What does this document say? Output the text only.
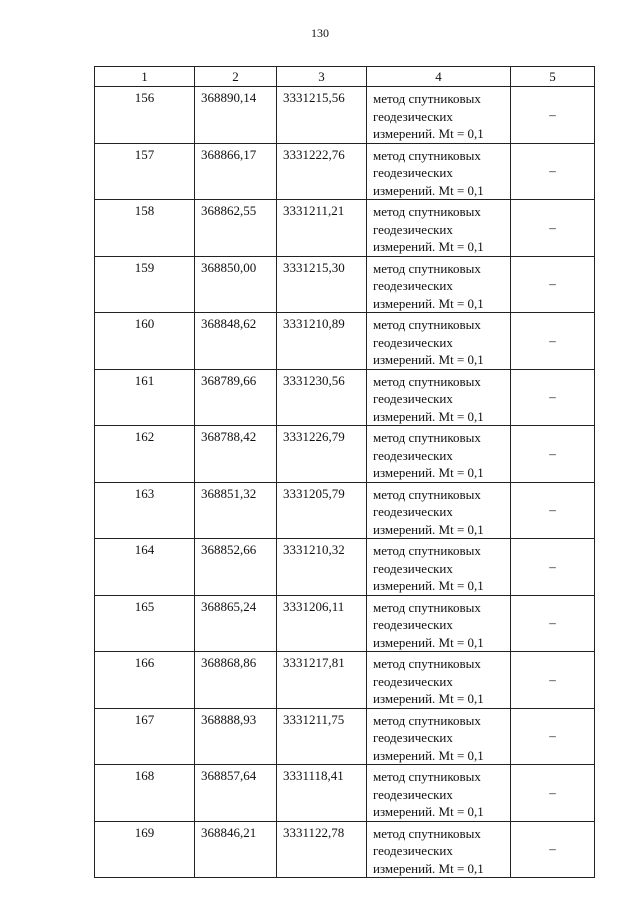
130
1	2	3	4	5
156	368890,14	3331215,56	метод спутниковых
геодезических
измерений. Mt = 0,1	–
157	368866,17	3331222,76	метод спутниковых
геодезических
измерений. Mt = 0,1	–
158	368862,55	3331211,21	метод спутниковых
геодезических
измерений. Mt = 0,1	–
159	368850,00	3331215,30	метод спутниковых
геодезических
измерений. Mt = 0,1	–
160	368848,62	3331210,89	метод спутниковых
геодезических
измерений. Mt = 0,1	–
161	368789,66	3331230,56	метод спутниковых
геодезических
измерений. Mt = 0,1	–
162	368788,42	3331226,79	метод спутниковых
геодезических
измерений. Mt = 0,1	–
163	368851,32	3331205,79	метод спутниковых
геодезических
измерений. Mt = 0,1	–
164	368852,66	3331210,32	метод спутниковых
геодезических
измерений. Mt = 0,1	–
165	368865,24	3331206,11	метод спутниковых
геодезических
измерений. Mt = 0,1	–
166	368868,86	3331217,81	метод спутниковых
геодезических
измерений. Mt = 0,1	–
167	368888,93	3331211,75	метод спутниковых
геодезических
измерений. Mt = 0,1	–
168	368857,64	3331118,41	метод спутниковых
геодезических
измерений. Mt = 0,1	–
169	368846,21	3331122,78	метод спутниковых
геодезических
измерений. Mt = 0,1	–
